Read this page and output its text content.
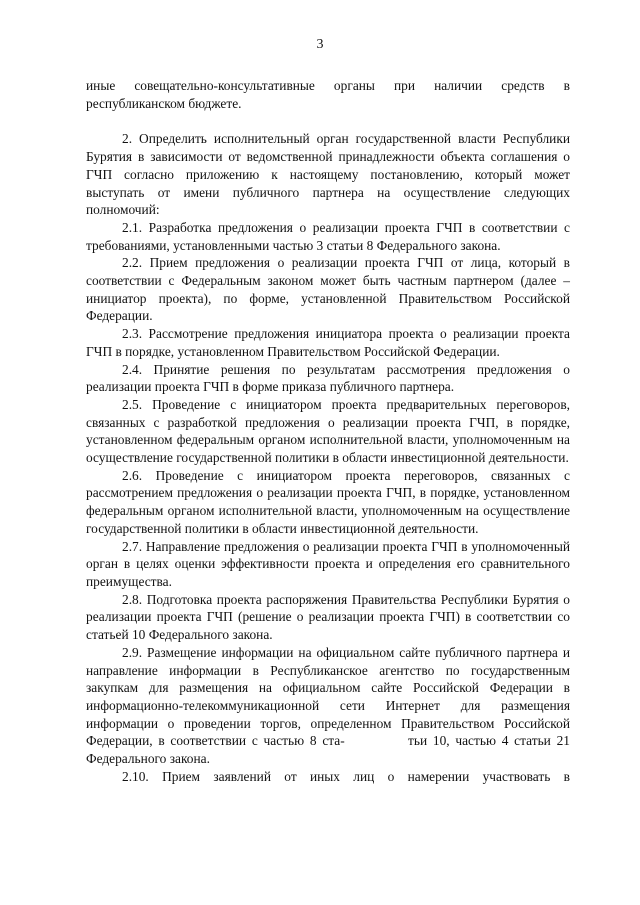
3

иные совещательно-консультативные органы при наличии средств в республиканском бюджете.

2. Определить исполнительный орган государственной власти Республики Бурятия в зависимости от ведомственной принадлежности объекта соглашения о ГЧП согласно приложению к настоящему постановлению, который может выступать от имени публичного партнера на осуществление следующих полномочий:

2.1. Разработка предложения о реализации проекта ГЧП в соответствии с требованиями, установленными частью 3 статьи 8 Федерального закона.

2.2. Прием предложения о реализации проекта ГЧП от лица, который в соответствии с Федеральным законом может быть частным партнером (далее – инициатор проекта), по форме, установленной Правительством Российской Федерации.

2.3. Рассмотрение предложения инициатора проекта о реализации проекта ГЧП в порядке, установленном Правительством Российской Федерации.

2.4. Принятие решения по результатам рассмотрения предложения о реализации проекта ГЧП в форме приказа публичного партнера.

2.5. Проведение с инициатором проекта предварительных переговоров, связанных с разработкой предложения о реализации проекта ГЧП, в порядке, установленном федеральным органом исполнительной власти, уполномоченным на осуществление государственной политики в области инвестиционной деятельности.

2.6. Проведение с инициатором проекта переговоров, связанных с рассмотрением предложения о реализации проекта ГЧП, в порядке, установленном федеральным органом исполнительной власти, уполномоченным на осуществление государственной политики в области инвестиционной деятельности.

2.7. Направление предложения о реализации проекта ГЧП в уполномоченный орган в целях оценки эффективности проекта и определения его сравнительного преимущества.

2.8. Подготовка проекта распоряжения Правительства Республики Бурятия о реализации проекта ГЧП (решение о реализации проекта ГЧП) в соответствии со статьей 10 Федерального закона.

2.9. Размещение информации на официальном сайте публичного партнера и направление информации в Республиканское агентство по государственным закупкам для размещения на официальном сайте Российской Федерации в информационно-телекоммуникационной сети Интернет для размещения информации о проведении торгов, определенном Правительством Российской Федерации, в соответствии с частью 8 ста-           тьи 10, частью 4 статьи 21 Федерального закона.

2.10. Прием заявлений от иных лиц о намерении участвовать в
